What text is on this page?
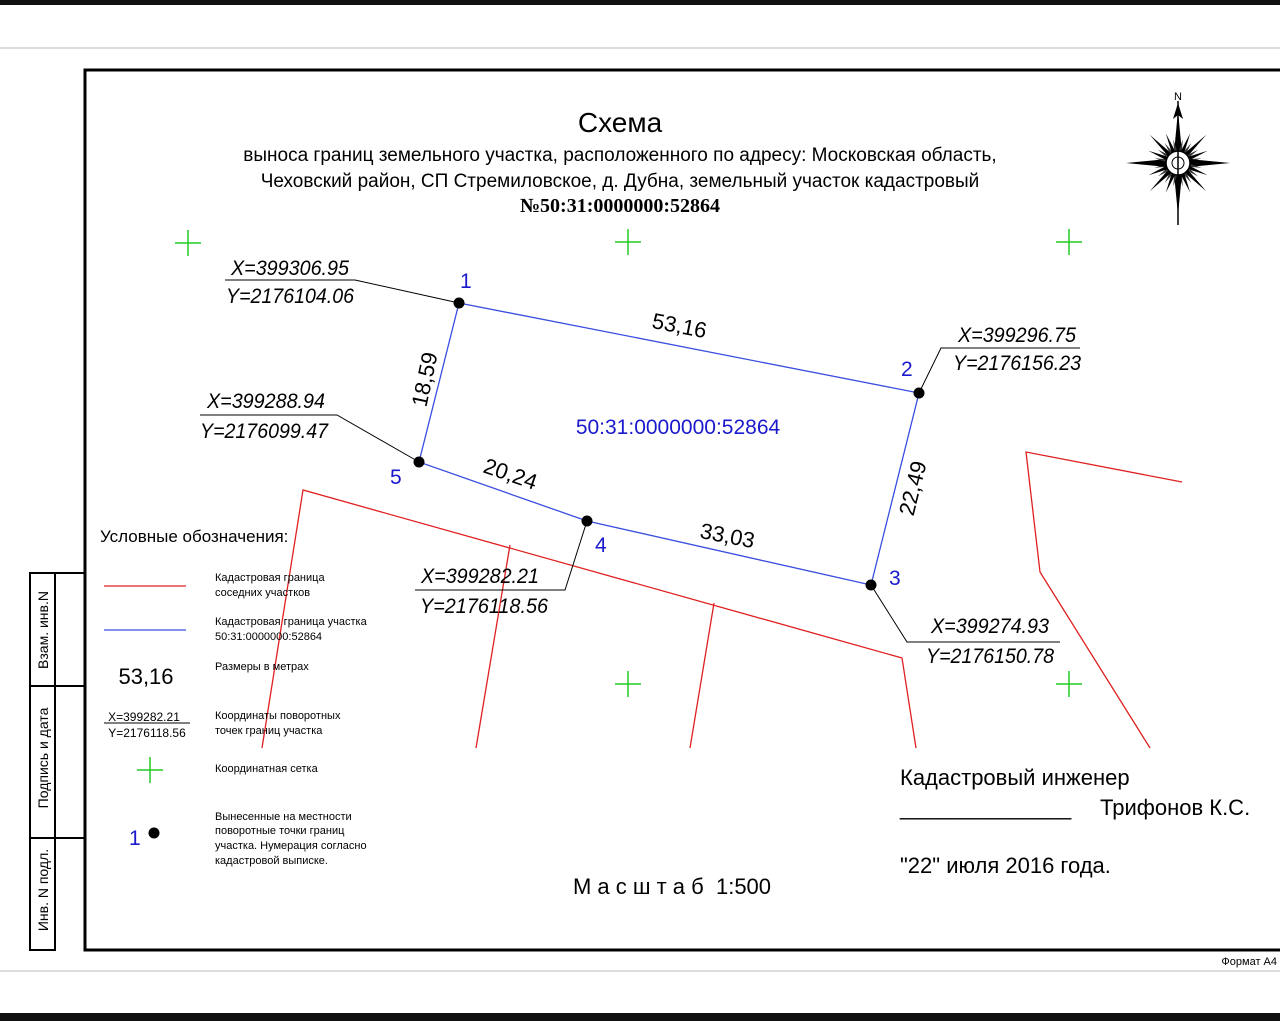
Взам. инв.N
Подпись и дата
Инв. N подл.
Схема
выноса границ земельного участка, расположенного по адресу: Московская область,
Чеховский район, СП Стремиловское, д. Дубна, земельный участок кадастровый
№50:31:0000000:52864
N
50:31:0000000:52864
53,16
22,49
33,03
20,24
18,59
X=399306.95
Y=2176104.06
X=399296.75
Y=2176156.23
X=399274.93
Y=2176150.78
X=399282.21
Y=2176118.56
X=399288.94
Y=2176099.47
1
2
3
4
5
Условные обозначения:
Кадастровая граница
соседних участков
Кадастровая граница участка
50:31:0000000:52864
53,16	Размеры в метрах
X=399282.21
Y=2176118.56
Координаты поворотных
точек границ участка
Координатная сетка
1
Вынесенные на местности
поворотные точки границ
участка. Нумерация согласно
кадастровой выписке.
Кадастровый инженер
______________ Трифонов К.С.
"22" июля 2016 года.
М а с ш т а б  1:500
Формат А4
